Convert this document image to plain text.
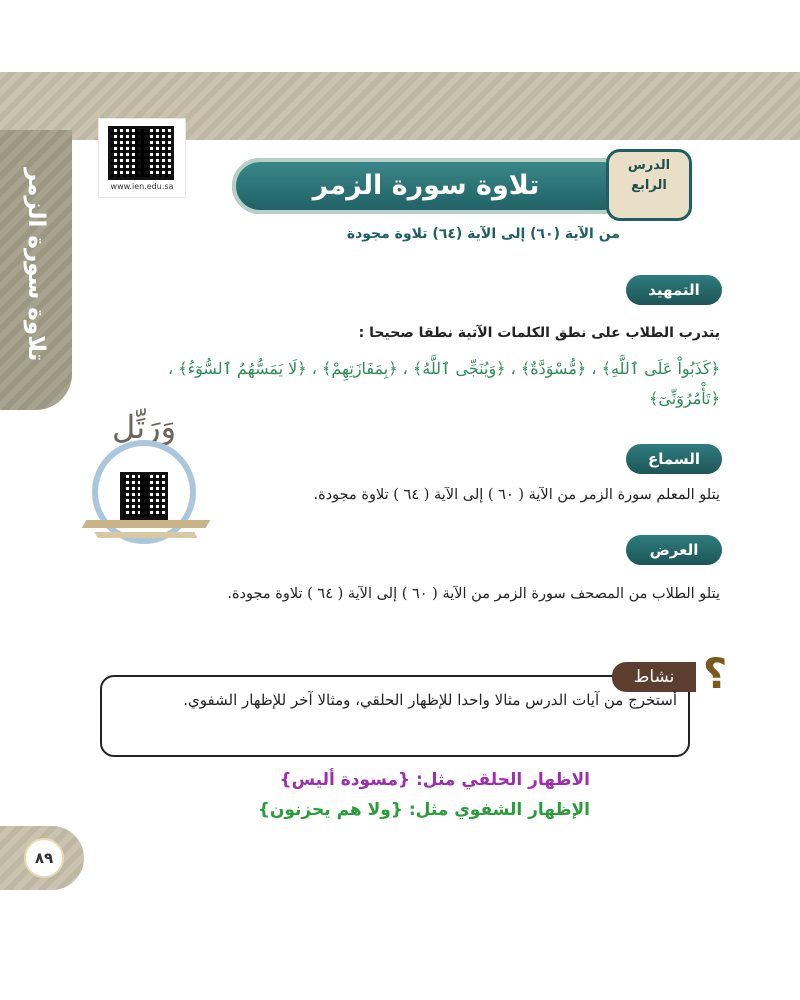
تلاوة سورة الزمر	www.ien.edu.sa	تلاوة سورة الزمر
الدرس الرابع
من الآية (٦٠) إلى الآية (٦٤) تلاوة مجودة
التمهيد
يتدرب الطلاب على نطق الكلمات الآتية نطقا صحيحا :
﴿كَذَبُواْ عَلَى ٱللَّهِ﴾ ، ﴿مُّسْوَدَّةٌ﴾ ، ﴿وَيُنَجِّى ٱللَّهُ﴾ ، ﴿بِمَفَازَتِهِمْ﴾ ، ﴿لَا يَمَسُّهُمُ ٱلسُّوٓءُ﴾ ، ﴿تَأْمُرُوٓنِّىٓ﴾
وَرَتِّل
السماع
يتلو المعلم سورة الزمر من الآية ( ٦٠ ) إلى الآية ( ٦٤ ) تلاوة مجودة.
العرض
يتلو الطلاب من المصحف سورة الزمر من الآية ( ٦٠ ) إلى الآية ( ٦٤ ) تلاوة مجودة.
نشاط ؟
أستخرج من آيات الدرس مثالا واحدا للإظهار الحلقي، ومثالا آخر للإظهار الشفوي.
الاظهار الحلقي مثل: {مسودة أليس}
الإظهار الشفوي مثل: {ولا هم يحزنون}
٨٩
